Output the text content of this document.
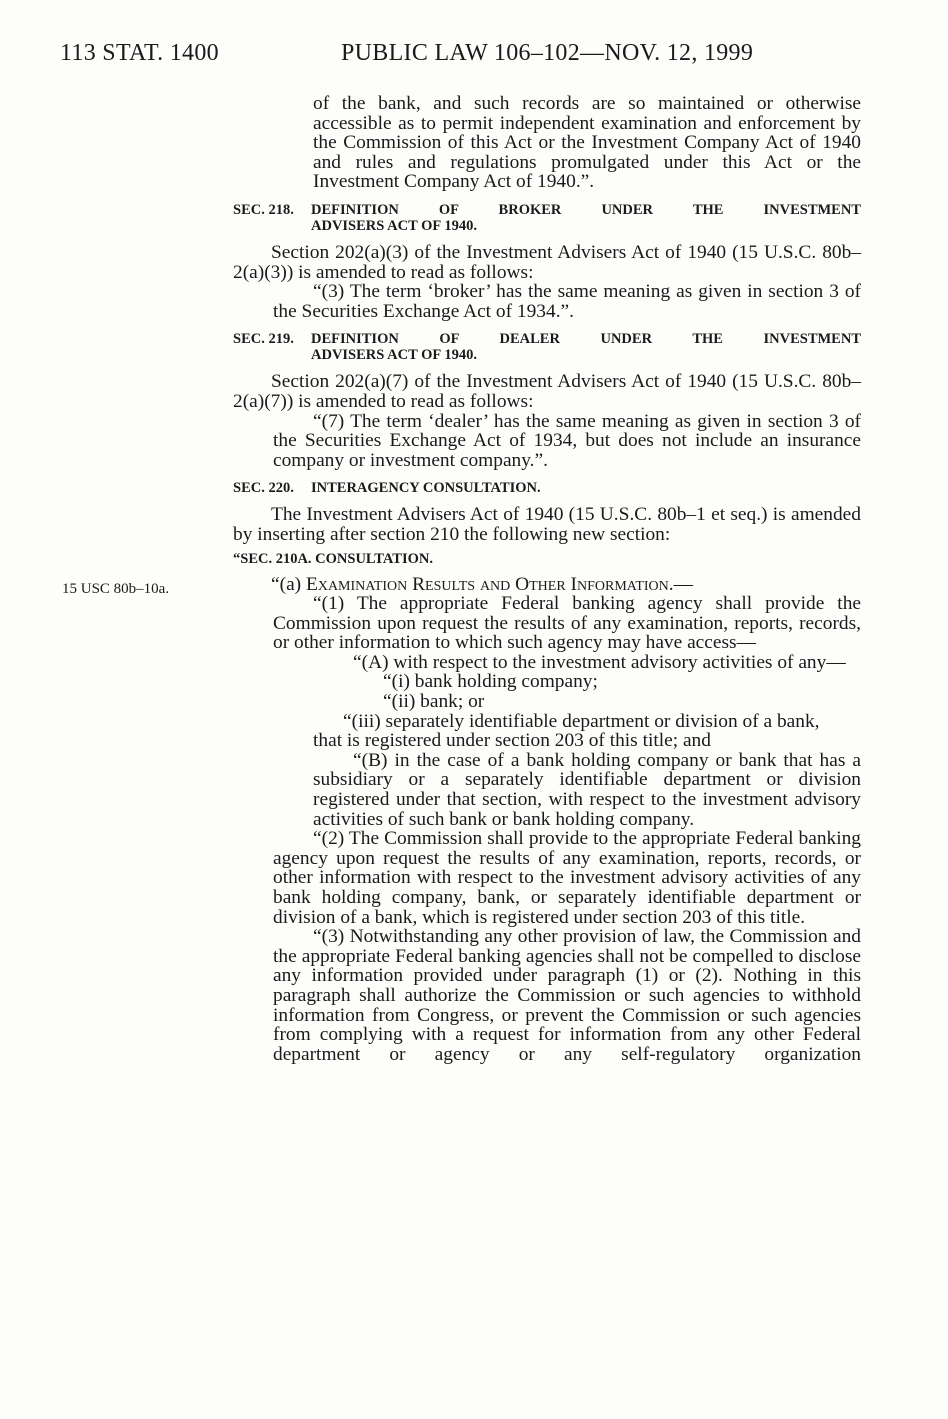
113 STAT. 1400	PUBLIC LAW 106–102—NOV. 12, 1999
15 USC 80b–10a.

of the bank, and such records are so maintained or otherwise accessible as to permit independent examination and enforcement by the Commission of this Act or the Investment Company Act of 1940 and rules and regulations promulgated under this Act or the Investment Company Act of 1940.”.

SEC. 218. DEFINITION OF BROKER UNDER THE INVESTMENT
ADVISERS ACT OF 1940.

Section 202(a)(3) of the Investment Advisers Act of 1940 (15 U.S.C. 80b–2(a)(3)) is amended to read as follows:

“(3) The term ‘broker’ has the same meaning as given in section 3 of the Securities Exchange Act of 1934.”.

SEC. 219. DEFINITION OF DEALER UNDER THE INVESTMENT
ADVISERS ACT OF 1940.

Section 202(a)(7) of the Investment Advisers Act of 1940 (15 U.S.C. 80b–2(a)(7)) is amended to read as follows:

“(7) The term ‘dealer’ has the same meaning as given in section 3 of the Securities Exchange Act of 1934, but does not include an insurance company or investment company.”.

SEC. 220. INTERAGENCY CONSULTATION.

The Investment Advisers Act of 1940 (15 U.S.C. 80b–1 et seq.) is amended by inserting after section 210 the following new section:

“SEC. 210A. CONSULTATION.

“(a) Examination Results and Other Information.—

“(1) The appropriate Federal banking agency shall provide the Commission upon request the results of any examination, reports, records, or other information to which such agency may have access—

“(A) with respect to the investment advisory activities of any—

“(i) bank holding company;

“(ii) bank; or

“(iii) separately identifiable department or division of a bank,

that is registered under section 203 of this title; and

“(B) in the case of a bank holding company or bank that has a subsidiary or a separately identifiable department or division registered under that section, with respect to the investment advisory activities of such bank or bank holding company.

“(2) The Commission shall provide to the appropriate Federal banking agency upon request the results of any examination, reports, records, or other information with respect to the investment advisory activities of any bank holding company, bank, or separately identifiable department or division of a bank, which is registered under section 203 of this title.

“(3) Notwithstanding any other provision of law, the Commission and the appropriate Federal banking agencies shall not be compelled to disclose any information provided under paragraph (1) or (2). Nothing in this paragraph shall authorize the Commission or such agencies to withhold information from Congress, or prevent the Commission or such agencies from complying with a request for information from any other Federal department or agency or any self-regulatory organization
